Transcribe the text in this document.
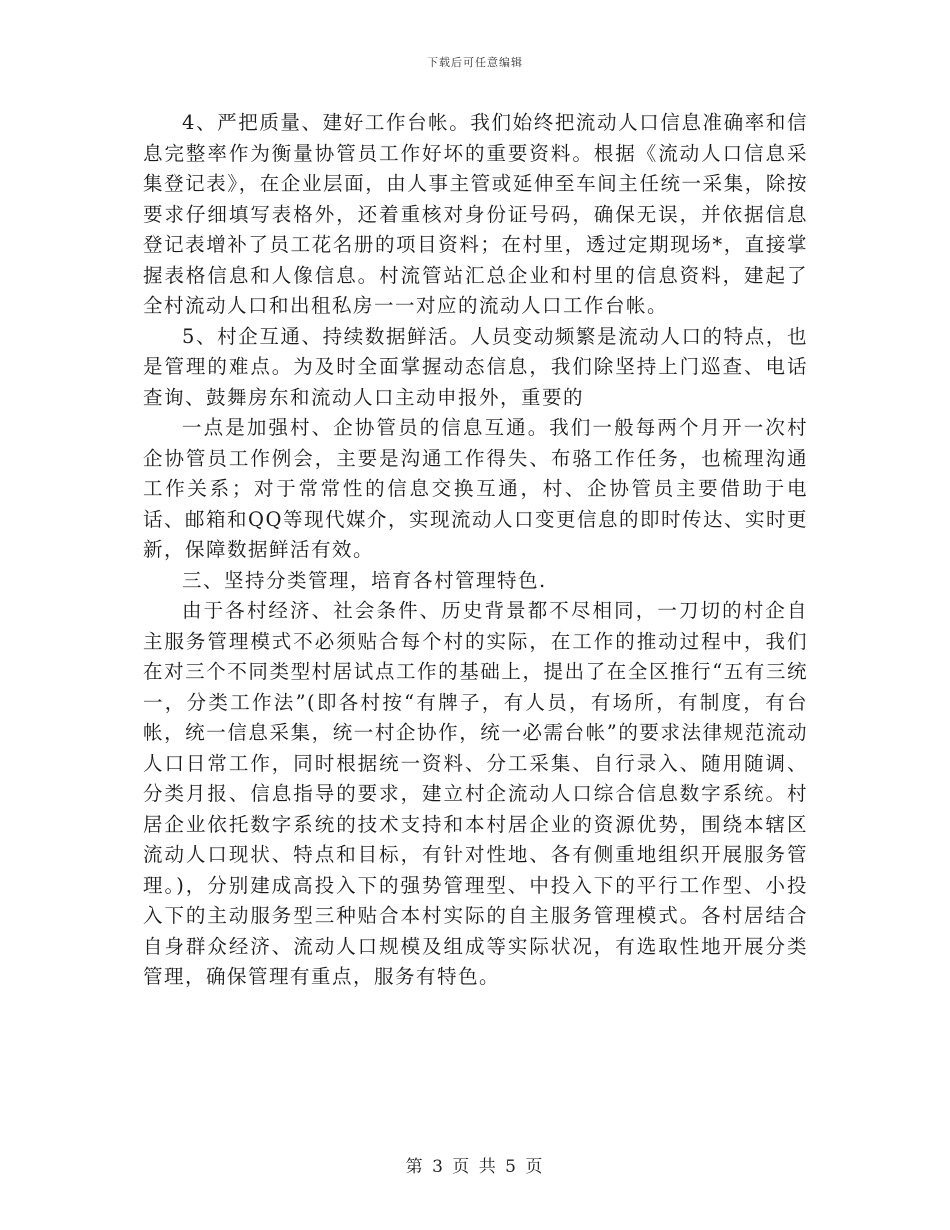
下载后可任意编辑

4、严把质量、建好工作台帐。我们始终把流动人口信息准确率和信息完整率作为衡量协管员工作好坏的重要资料。根据《流动人口信息采集登记表》，在企业层面，由人事主管或延伸至车间主任统一采集，除按要求仔细填写表格外，还着重核对身份证号码，确保无误，并依据信息登记表增补了员工花名册的项目资料；在村里，透过定期现场*，直接掌握表格信息和人像信息。村流管站汇总企业和村里的信息资料，建起了全村流动人口和出租私房一一对应的流动人口工作台帐。

5、村企互通、持续数据鲜活。人员变动频繁是流动人口的特点，也是管理的难点。为及时全面掌握动态信息，我们除坚持上门巡查、电话查询、鼓舞房东和流动人口主动申报外，重要的

一点是加强村、企协管员的信息互通。我们一般每两个月开一次村企协管员工作例会，主要是沟通工作得失、布骆工作任务，也梳理沟通工作关系；对于常常性的信息交换互通，村、企协管员主要借助于电话、邮箱和QQ等现代媒介，实现流动人口变更信息的即时传达、实时更新，保障数据鲜活有效。

三、坚持分类管理，培育各村管理特色.

由于各村经济、社会条件、历史背景都不尽相同，一刀切的村企自主服务管理模式不必须贴合每个村的实际，在工作的推动过程中，我们在对三个不同类型村居试点工作的基础上，提出了在全区推行“五有三统一，分类工作法”(即各村按“有牌子，有人员，有场所，有制度，有台帐，统一信息采集，统一村企协作，统一必需台帐”的要求法律规范流动人口日常工作，同时根据统一资料、分工采集、自行录入、随用随调、分类月报、信息指导的要求，建立村企流动人口综合信息数字系统。村居企业依托数字系统的技术支持和本村居企业的资源优势，围绕本辖区流动人口现状、特点和目标，有针对性地、各有侧重地组织开展服务管理。)，分别建成高投入下的强势管理型、中投入下的平行工作型、小投入下的主动服务型三种贴合本村实际的自主服务管理模式。各村居结合自身群众经济、流动人口规模及组成等实际状况，有选取性地开展分类管理，确保管理有重点，服务有特色。

第 3 页 共 5 页
